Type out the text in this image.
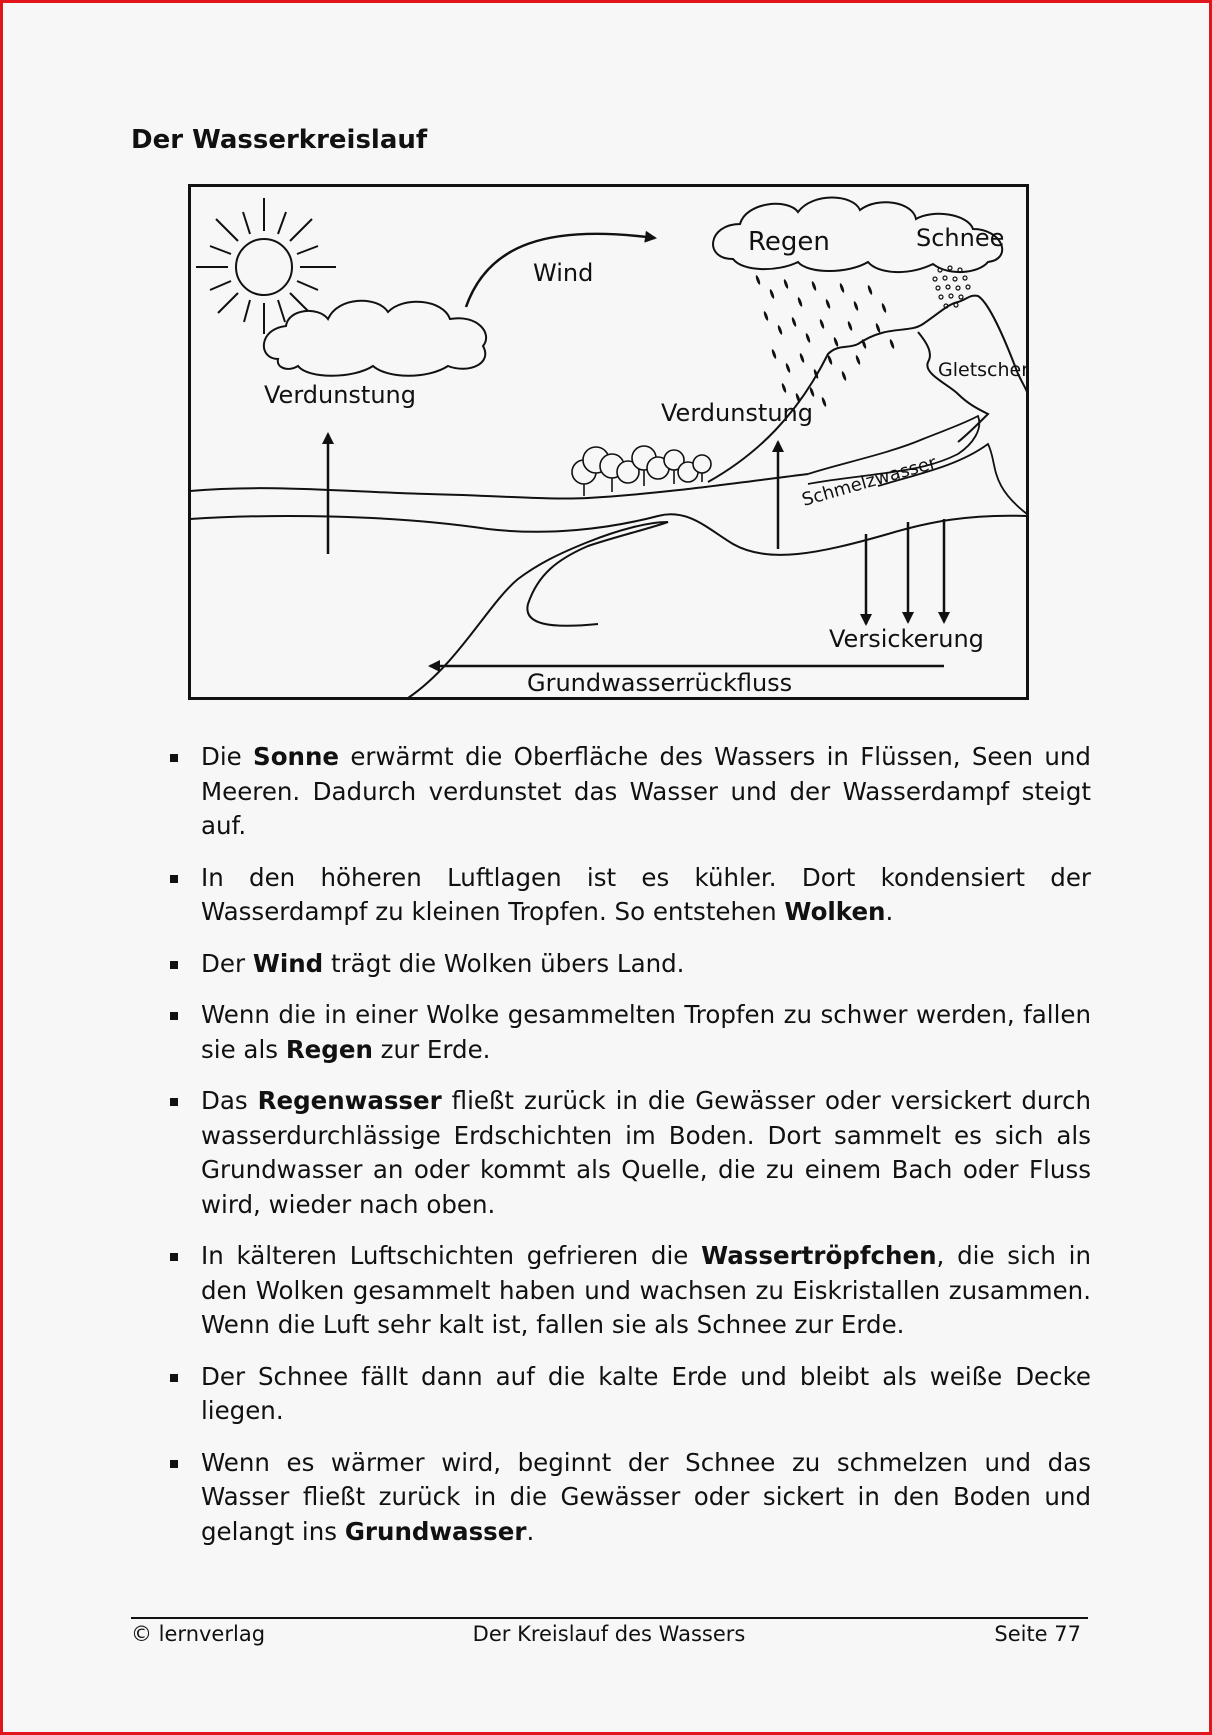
Der Wasserkreislauf
Wind
Regen	Schnee
Gletscher
Verdunstung
Verdunstung
Schmelzwasser
Versickerung
Grundwasserrückfluss
Die Sonne erwärmt die Oberfläche des Wassers in Flüssen, Seen und Meeren. Dadurch verdunstet das Wasser und der Wasserdampf steigt auf.
In den höheren Luftlagen ist es kühler. Dort kondensiert der Wasserdampf zu kleinen Tropfen. So entstehen Wolken.
Der Wind trägt die Wolken übers Land.
Wenn die in einer Wolke gesammelten Tropfen zu schwer werden, fallen sie als Regen zur Erde.
Das Regenwasser fließt zurück in die Gewässer oder versickert durch wasserdurchlässige Erdschichten im Boden. Dort sammelt es sich als Grundwasser an oder kommt als Quelle, die zu einem Bach oder Fluss wird, wieder nach oben.
In kälteren Luftschichten gefrieren die Wassertröpfchen, die sich in den Wolken gesammelt haben und wachsen zu Eiskristallen zusammen. Wenn die Luft sehr kalt ist, fallen sie als Schnee zur Erde.
Der Schnee fällt dann auf die kalte Erde und bleibt als weiße Decke liegen.
Wenn es wärmer wird, beginnt der Schnee zu schmelzen und das Wasser fließt zurück in die Gewässer oder sickert in den Boden und gelangt ins Grundwasser.
© lernverlag	Der Kreislauf des Wassers	Seite 77
